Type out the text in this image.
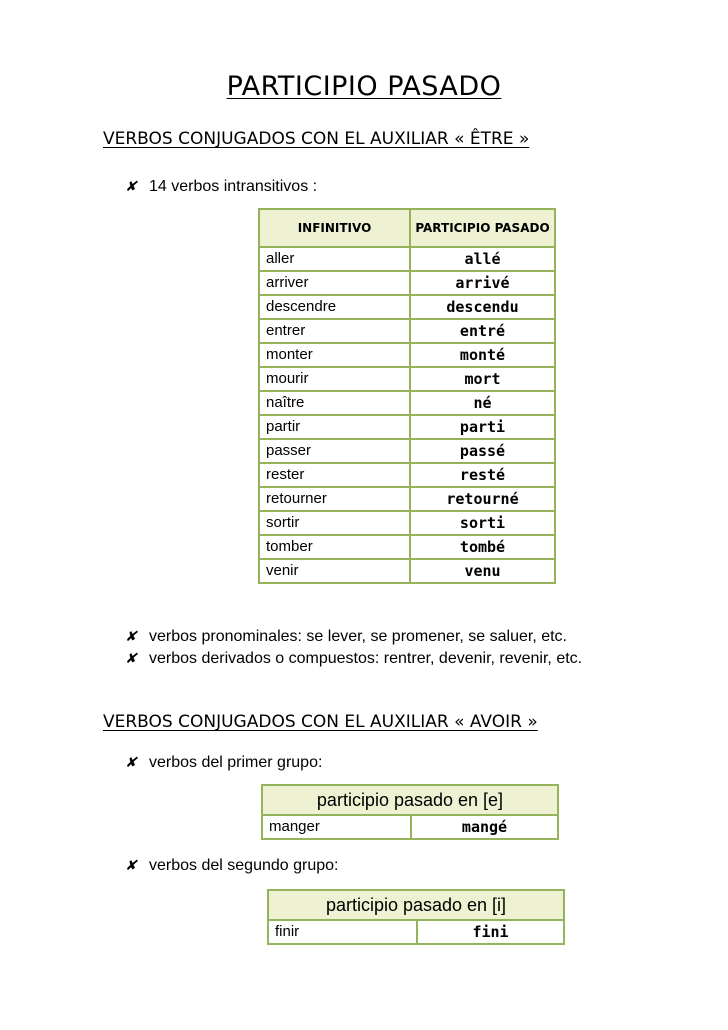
PARTICIPIO PASADO
VERBOS CONJUGADOS CON EL AUXILIAR « ÊTRE »
✘ 14 verbos intransitivos :
INFINITIVO	PARTICIPIO PASADO
aller	allé
arriver	arrivé
descendre	descendu
entrer	entré
monter	monté
mourir	mort
naître	né
partir	parti
passer	passé
rester	resté
retourner	retourné
sortir	sorti
tomber	tombé
venir	venu
✘ verbos pronominales: se lever, se promener, se saluer, etc.
✘ verbos derivados o compuestos: rentrer, devenir, revenir, etc.
VERBOS CONJUGADOS CON EL AUXILIAR « AVOIR »
✘ verbos del primer grupo:
participio pasado en [e]
manger	mangé
✘ verbos del segundo grupo:
participio pasado en [i]
finir	fini
